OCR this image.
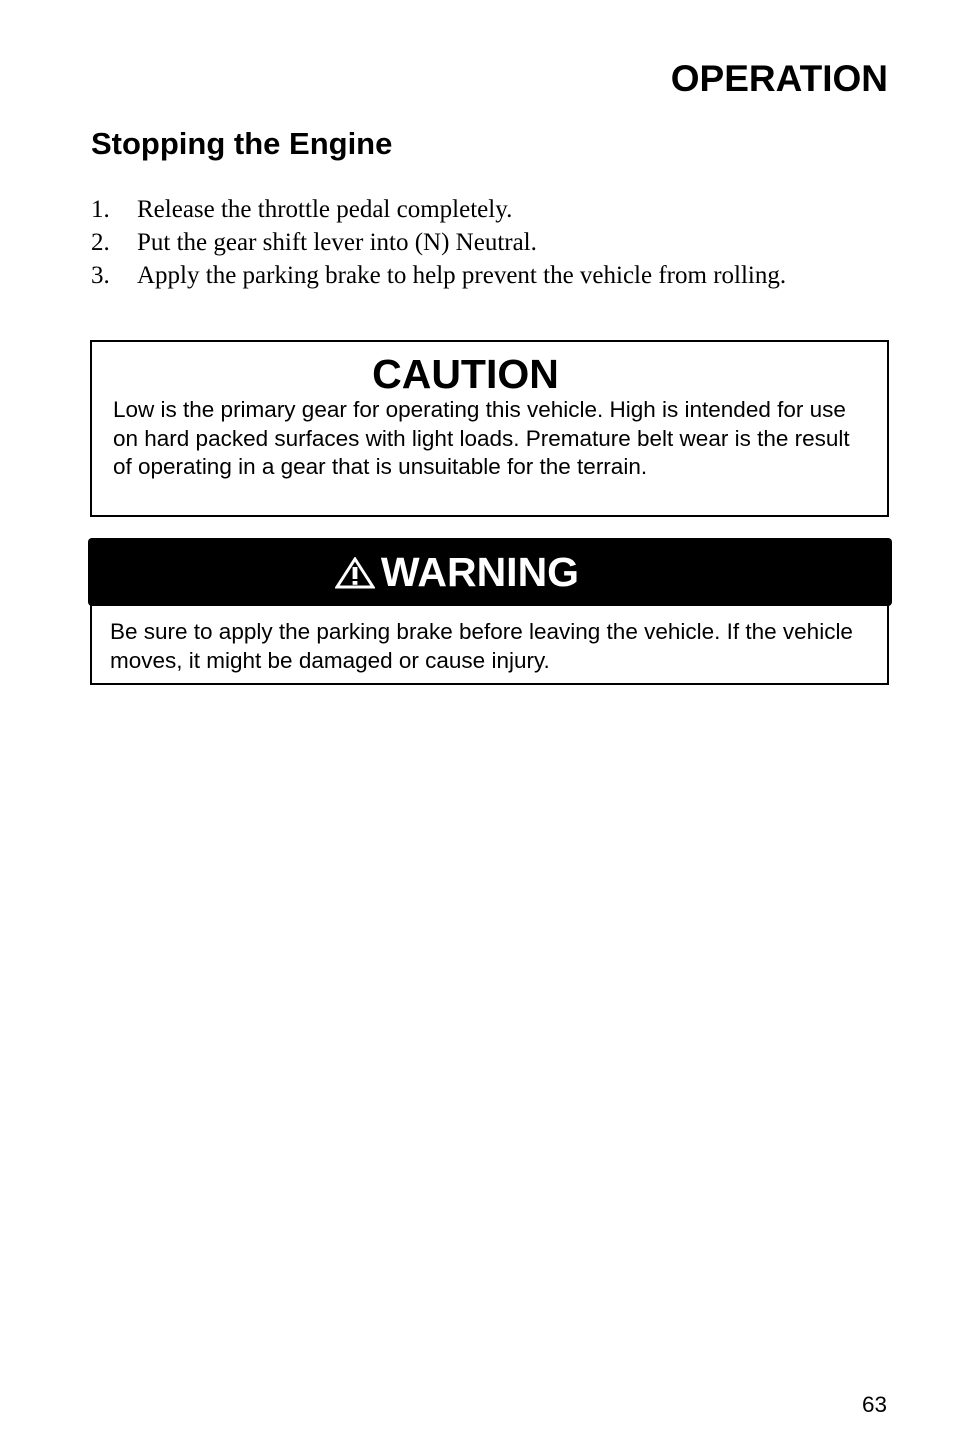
OPERATION
Stopping the Engine
1.	Release the throttle pedal completely.
2.	Put the gear shift lever into (N) Neutral.
3.	Apply the parking brake to help prevent the vehicle from rolling.
CAUTION

Low is the primary gear for operating this vehicle. High is intended for use on hard packed surfaces with light loads. Premature belt wear is the result of operating in a gear that is unsuitable for the terrain.

WARNING

Be sure to apply the parking brake before leaving the vehicle. If the vehicle moves, it might be damaged or cause injury.

63
